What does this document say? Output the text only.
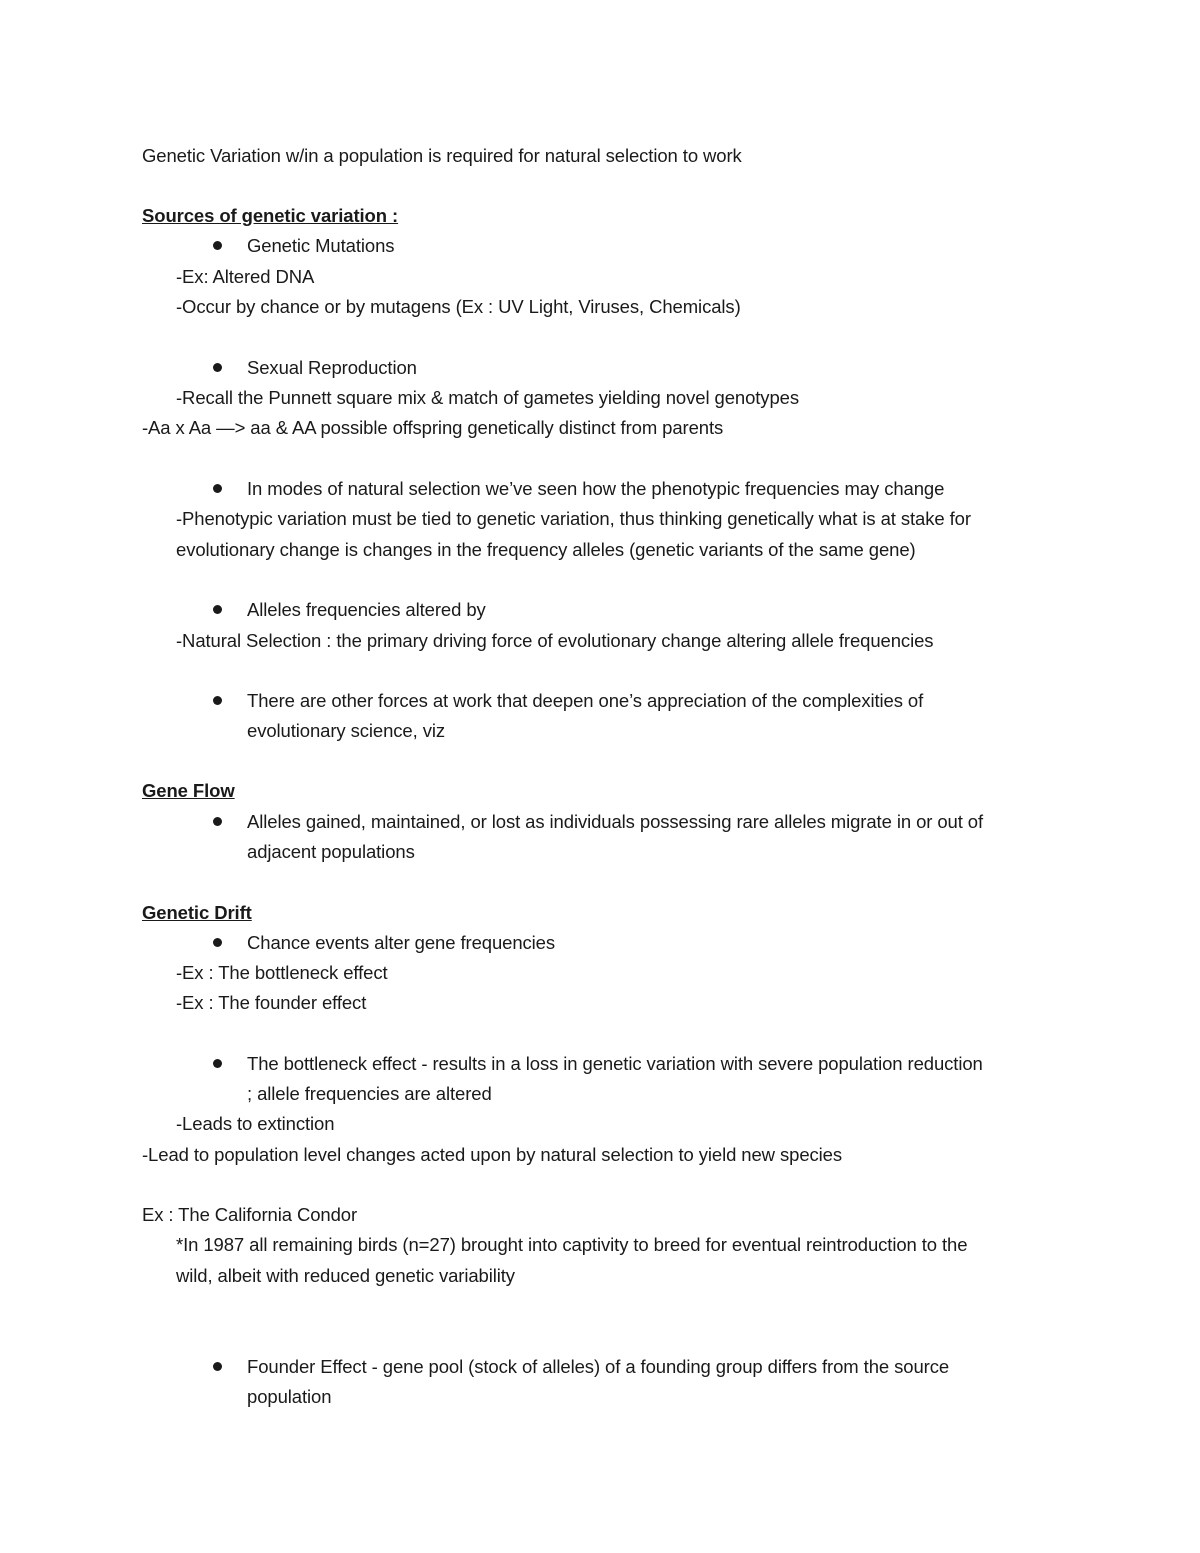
Genetic Variation w/in a population is required for natural selection to work
Sources of genetic variation :
Genetic Mutations
-Ex: Altered DNA
-Occur by chance or by mutagens (Ex : UV Light, Viruses, Chemicals)
Sexual Reproduction
-Recall the Punnett square mix & match of gametes yielding novel genotypes
-Aa x Aa —> aa & AA possible offspring genetically distinct from parents
In modes of natural selection we’ve seen how the phenotypic frequencies may change
-Phenotypic variation must be tied to genetic variation, thus thinking genetically what is at stake for
evolutionary change is changes in the frequency alleles (genetic variants of the same gene)
Alleles frequencies altered by
-Natural Selection : the primary driving force of evolutionary change altering allele frequencies
There are other forces at work that deepen one’s appreciation of the complexities of
evolutionary science, viz
Gene Flow
Alleles gained, maintained, or lost as individuals possessing rare alleles migrate in or out of
adjacent populations
Genetic Drift
Chance events alter gene frequencies
-Ex : The bottleneck effect
-Ex : The founder effect
The bottleneck effect - results in a loss in genetic variation with severe population reduction
; allele frequencies are altered
-Leads to extinction
-Lead to population level changes acted upon by natural selection to yield new species
Ex : The California Condor
*In 1987 all remaining birds (n=27) brought into captivity to breed for eventual reintroduction to the
wild, albeit with reduced genetic variability
Founder Effect - gene pool (stock of alleles) of a founding group differs from the source
population
